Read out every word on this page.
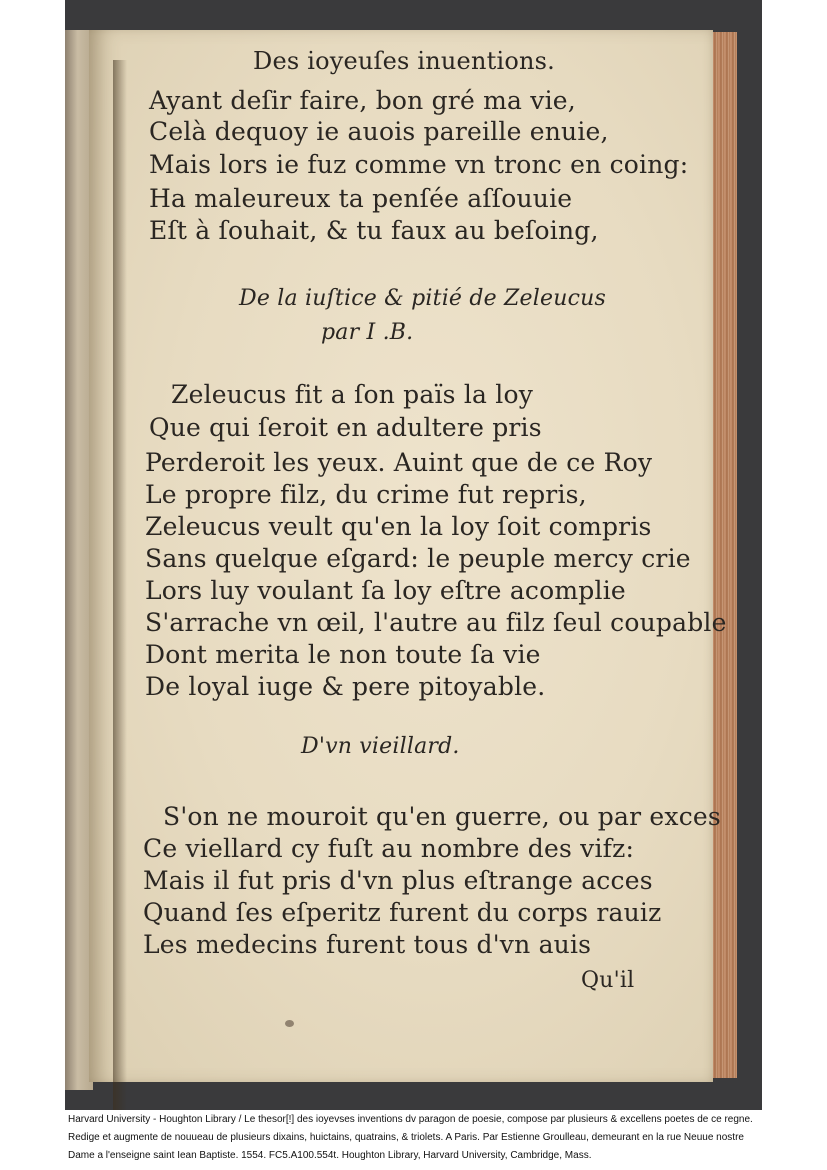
Des ioyeuſes inuentions.
Ayant deſir faire, bon gré ma vie,
Celà dequoy ie auois pareille enuie,
Mais lors ie fuz comme vn tronc en coing:
Ha maleureux ta penſée aſſouuie
Eſt à ſouhait, & tu faux au beſoing,
De la iuſtice & pitié de Zeleucus
par I .B.
Zeleucus fit a ſon païs la loy
Que qui ſeroit en adultere pris
Perderoit les yeux. Auint que de ce Roy
Le propre filz, du crime fut repris,
Zeleucus veult qu'en la loy ſoit compris
Sans quelque eſgard: le peuple mercy crie
Lors luy voulant ſa loy eſtre acomplie
S'arrache vn œil, l'autre au filz ſeul coupable
Dont merita le non toute ſa vie
De loyal iuge & pere pitoyable.
D'vn vieillard.
S'on ne mouroit qu'en guerre, ou par exces
Ce viellard cy fuſt au nombre des vifz:
Mais il fut pris d'vn plus eſtrange acces
Quand ſes eſperitz furent du corps rauiz
Les medecins furent tous d'vn auis
Qu'il
Harvard University - Houghton Library / Le thesor[!] des ioyevses inventions dv paragon de poesie, compose par plusieurs & excellens poetes de ce regne. Redige et augmente de nouueau de plusieurs dixains, huictains, quatrains, & triolets. A Paris. Par Estienne Groulleau, demeurant en la rue Neuue nostre Dame a l'enseigne saint Iean Baptiste. 1554. FC5.A100.554t. Houghton Library, Harvard University, Cambridge, Mass.
